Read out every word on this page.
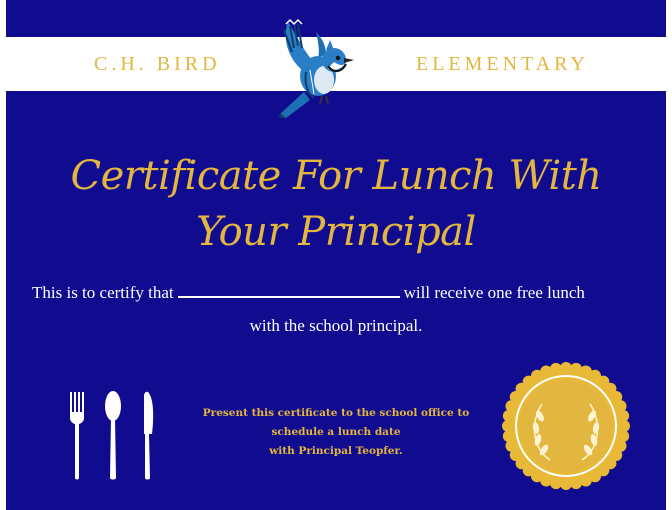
C.H. BIRD	ELEMENTARY
Certificate For Lunch With Your Principal
This is to certify that	will receive one free lunch
with the school principal.
Present this certificate to the school office to
schedule a lunch date
with Principal Teopfer.
